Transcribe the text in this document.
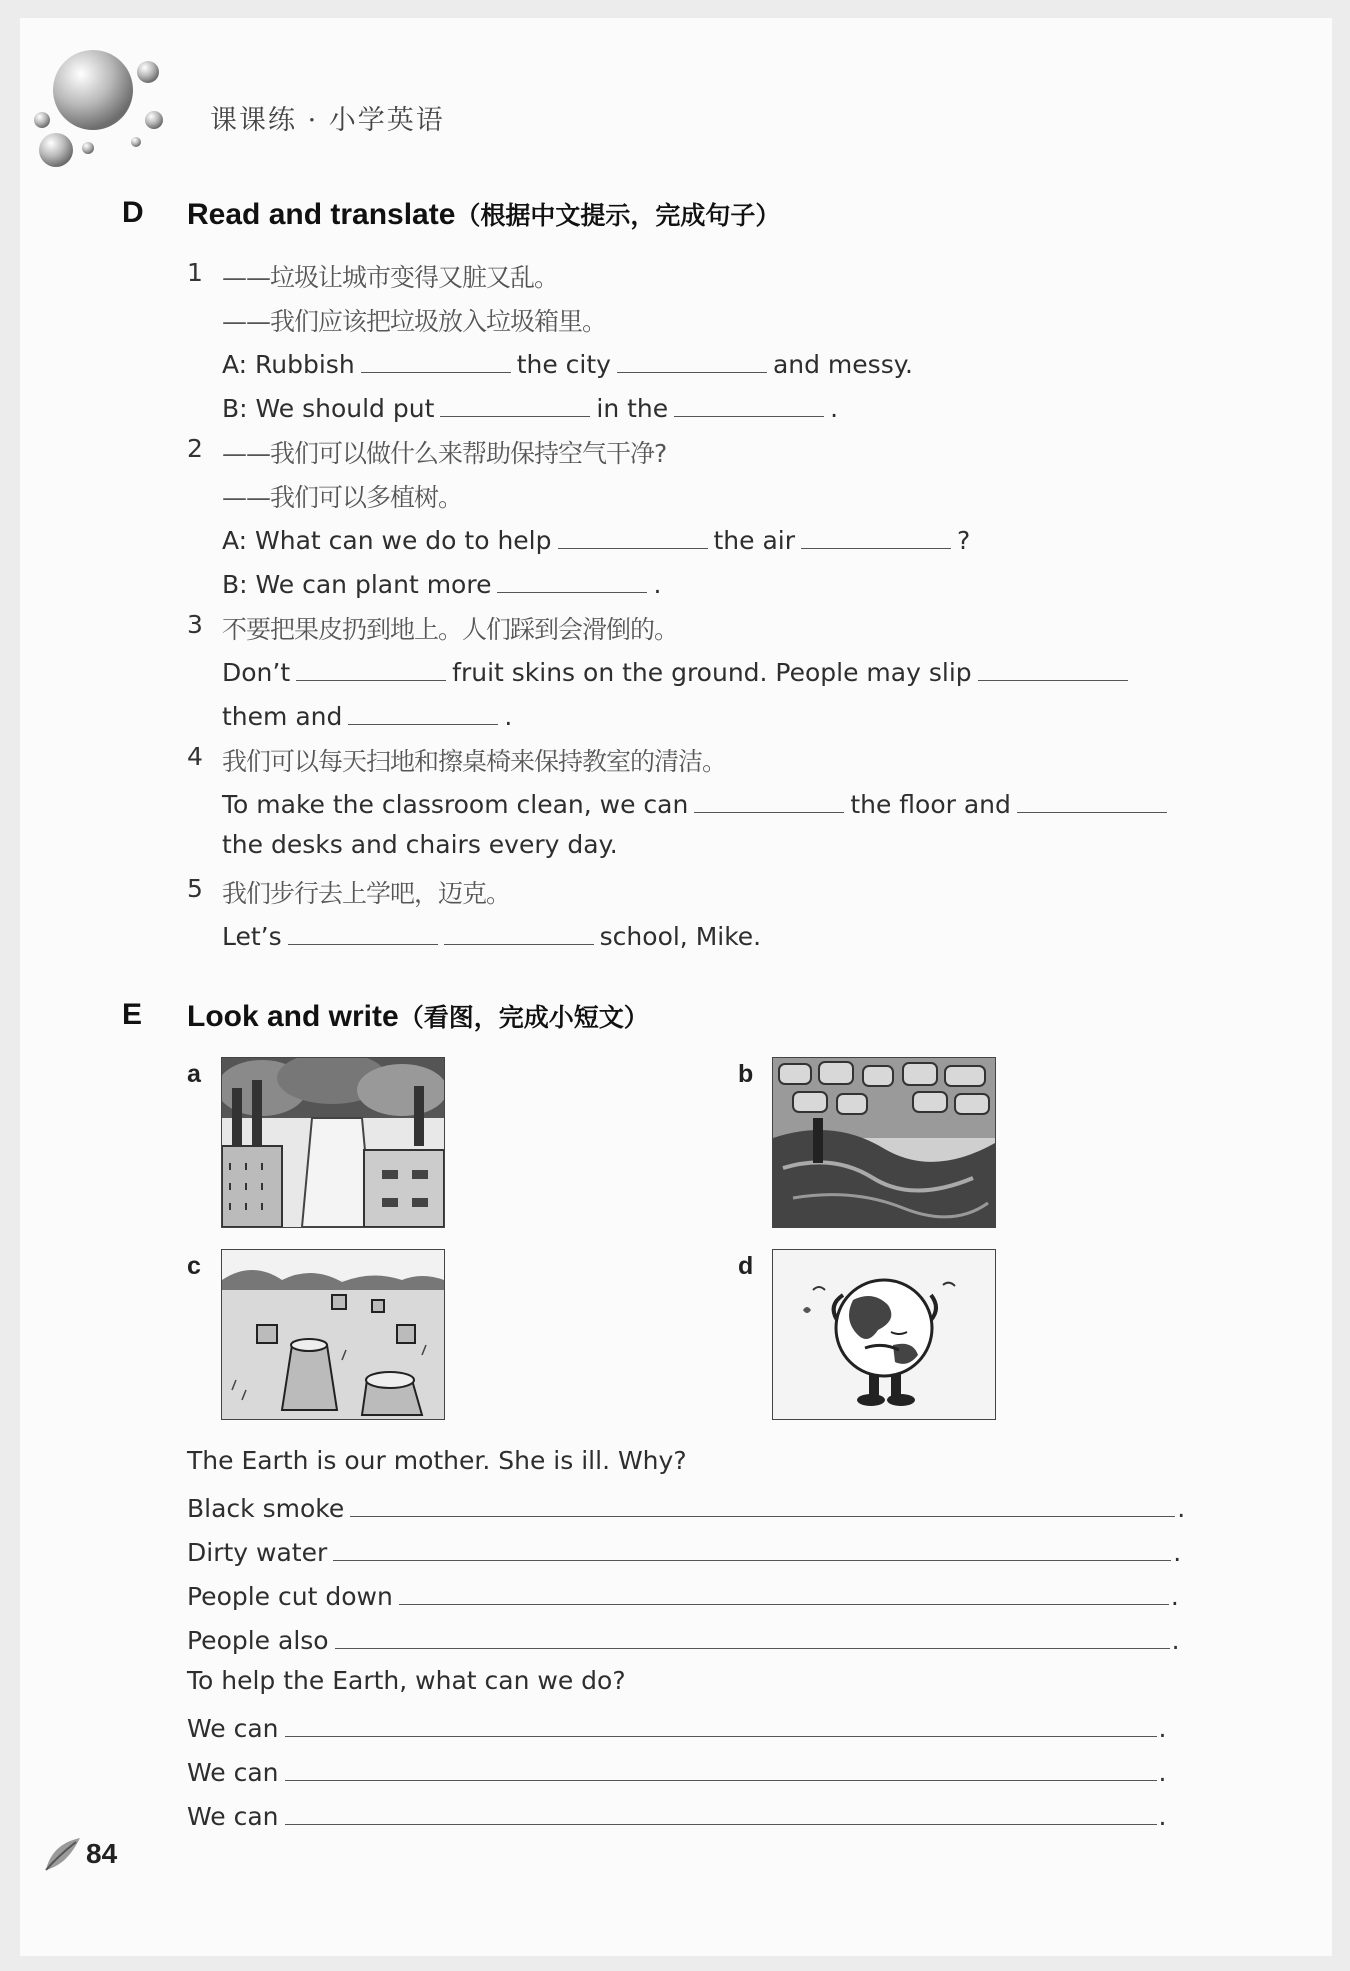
课课练 · 小学英语
D Read and translate（根据中文提示，完成句子）
1 ——垃圾让城市变得又脏又乱。
——我们应该把垃圾放入垃圾箱里。
A: Rubbish	the city	and messy.
B: We should put	in the	.
2 ——我们可以做什么来帮助保持空气干净?
——我们可以多植树。
A: What can we do to help	the air	?
B: We can plant more	.
3 不要把果皮扔到地上。人们踩到会滑倒的。
Don’t	fruit skins on the ground. People may slip
them and	.
4 我们可以每天扫地和擦桌椅来保持教室的清洁。
To make the classroom clean, we can	the floor and
the desks and chairs every day.
5 我们步行去上学吧，迈克。
Let’s	school, Mike.
E Look and write（看图，完成小短文）
a	b
c	d
The Earth is our mother. She is ill. Why?
Black smoke	.
Dirty water	.
People cut down	.
People also	.
To help the Earth, what can we do?
We can	.
We can	.
We can	.
84
